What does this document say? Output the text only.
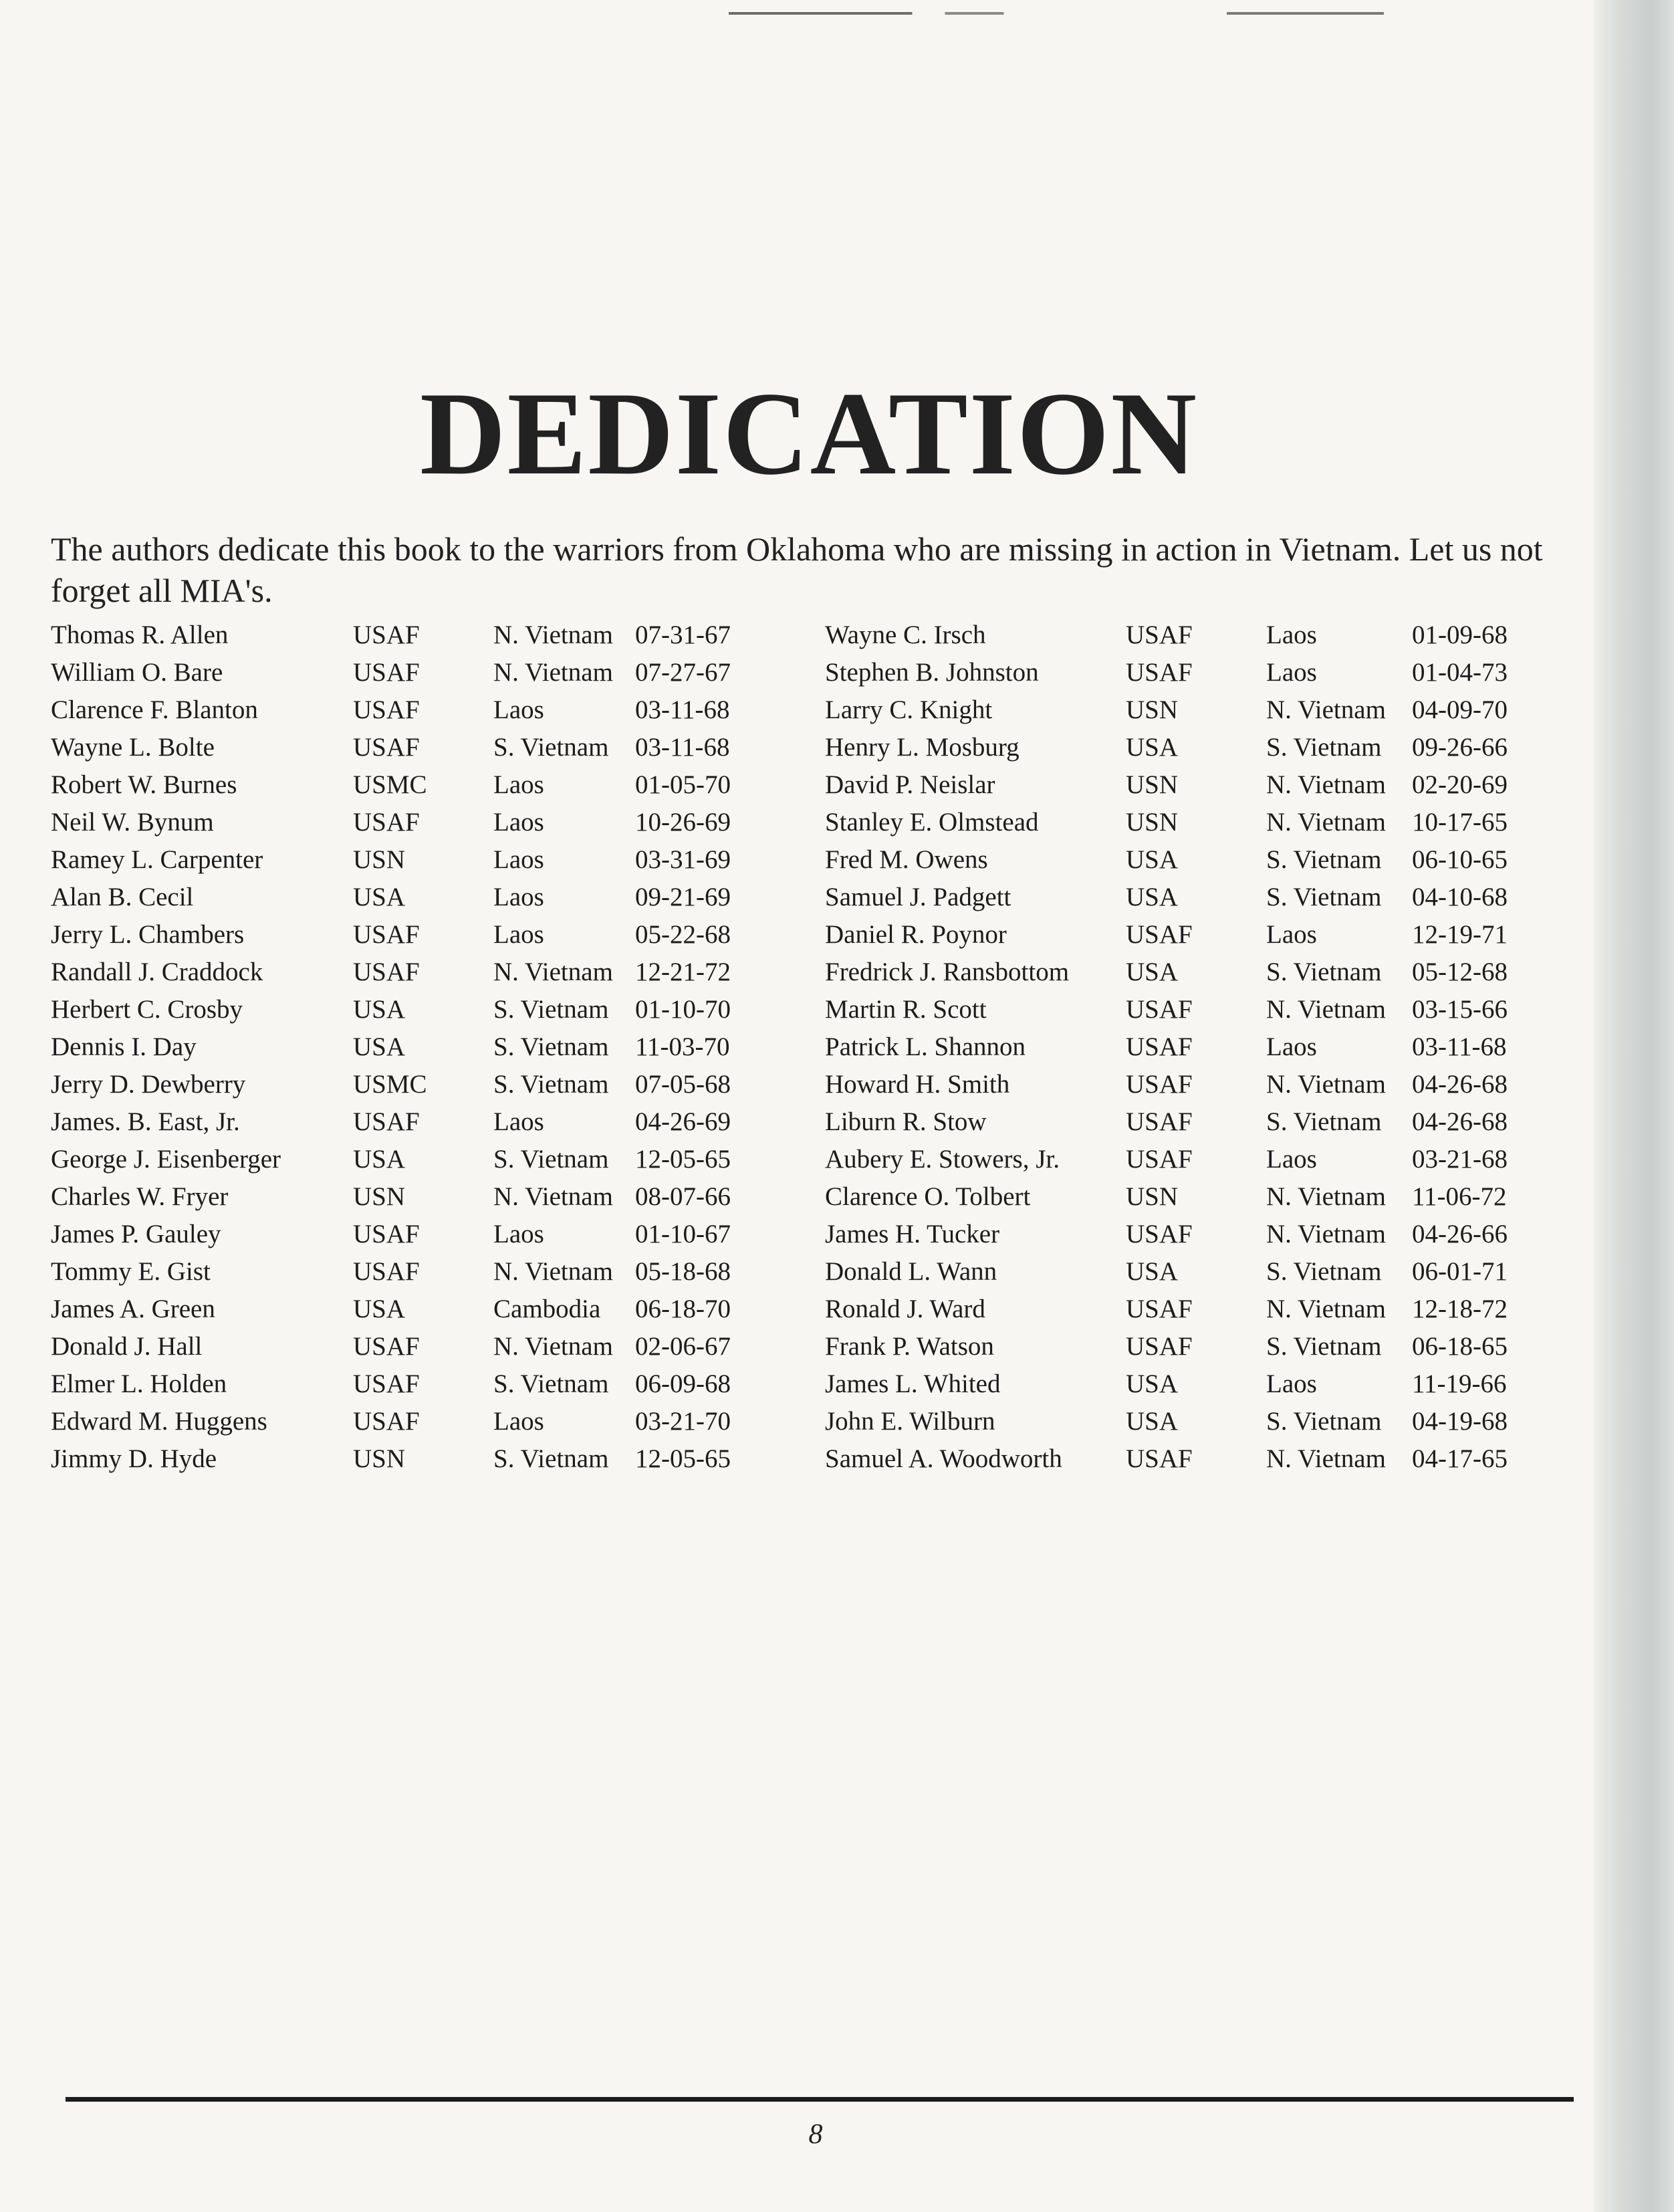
DEDICATION

The authors dedicate this book to the warriors from Oklahoma who are missing in action in Vietnam. Let us not forget all MIA's.

Thomas R. Allen	USAF	N. Vietnam 07-31-67
William O. Bare	USAF	N. Vietnam 07-27-67
Clarence F. Blanton	USAF	Laos	03-11-68
Wayne L. Bolte	USAF	S. Vietnam 03-11-68
Robert W. Burnes	USMC	Laos	01-05-70
Neil W. Bynum	USAF	Laos	10-26-69
Ramey L. Carpenter	USN	Laos	03-31-69
Alan B. Cecil	USA	Laos	09-21-69
Jerry L. Chambers	USAF	Laos	05-22-68
Randall J. Craddock	USAF	N. Vietnam 12-21-72
Herbert C. Crosby	USA	S. Vietnam 01-10-70
Dennis I. Day	USA	S. Vietnam 11-03-70
Jerry D. Dewberry	USMC	S. Vietnam 07-05-68
James. B. East, Jr.	USAF	Laos	04-26-69
George J. Eisenberger	USA	S. Vietnam 12-05-65
Charles W. Fryer	USN	N. Vietnam 08-07-66
James P. Gauley	USAF	Laos	01-10-67
Tommy E. Gist	USAF	N. Vietnam 05-18-68
James A. Green	USA	Cambodia 06-18-70
Donald J. Hall	USAF	N. Vietnam 02-06-67
Elmer L. Holden	USAF	S. Vietnam 06-09-68
Edward M. Huggens	USAF	Laos	03-21-70
Jimmy D. Hyde	USN	S. Vietnam 12-05-65
Wayne C. Irsch	USAF	Laos	01-09-68
Stephen B. Johnston	USAF	Laos	01-04-73
Larry C. Knight	USN	N. Vietnam 04-09-70
Henry L. Mosburg	USA	S. Vietnam 09-26-66
David P. Neislar	USN	N. Vietnam 02-20-69
Stanley E. Olmstead	USN	N. Vietnam 10-17-65
Fred M. Owens	USA	S. Vietnam 06-10-65
Samuel J. Padgett	USA	S. Vietnam 04-10-68
Daniel R. Poynor	USAF	Laos	12-19-71
Fredrick J. Ransbottom USA	S. Vietnam 05-12-68
Martin R. Scott	USAF	N. Vietnam 03-15-66
Patrick L. Shannon	USAF	Laos	03-11-68
Howard H. Smith	USAF	N. Vietnam 04-26-68
Liburn R. Stow	USAF	S. Vietnam 04-26-68
Aubery E. Stowers, Jr.	USAF	Laos	03-21-68
Clarence O. Tolbert	USN	N. Vietnam 11-06-72
James H. Tucker	USAF	N. Vietnam 04-26-66
Donald L. Wann	USA	S. Vietnam 06-01-71
Ronald J. Ward	USAF	N. Vietnam 12-18-72
Frank P. Watson	USAF	S. Vietnam 06-18-65
James L. Whited	USA	Laos	11-19-66
John E. Wilburn	USA	S. Vietnam 04-19-68
Samuel A. Woodworth USAF	N. Vietnam 04-17-65
8
